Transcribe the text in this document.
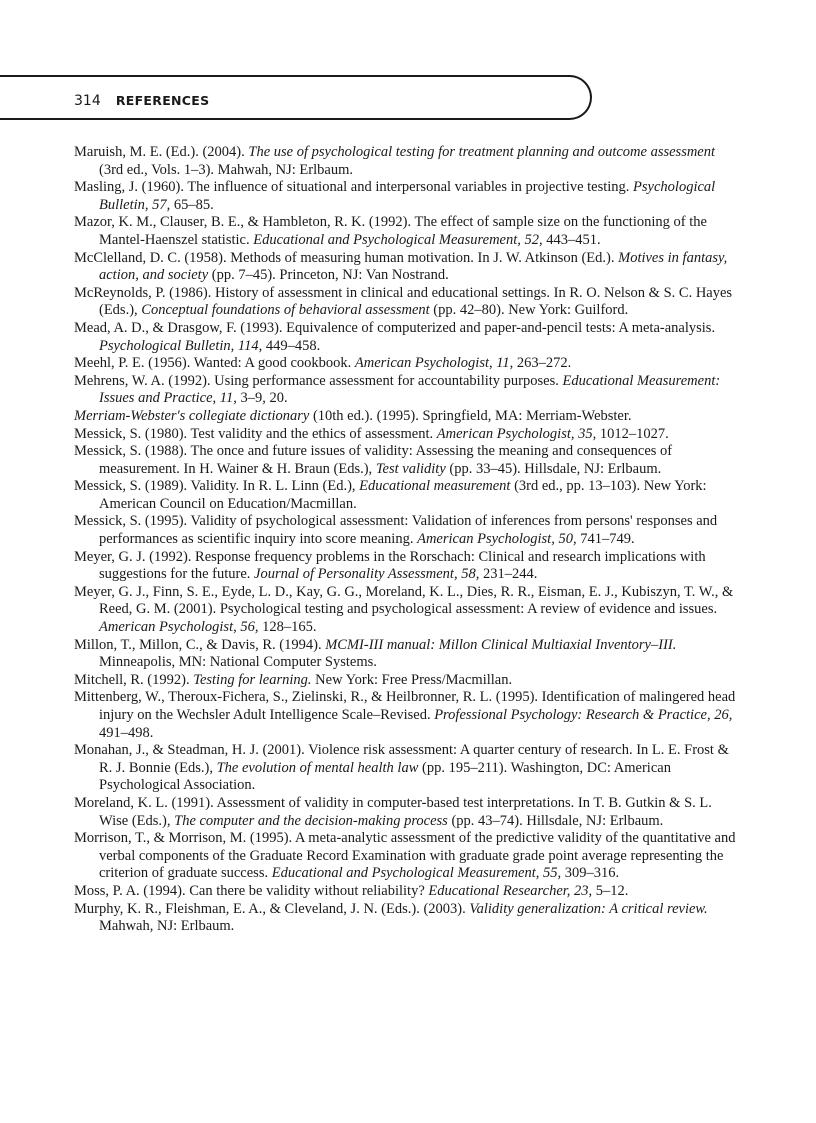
314 REFERENCES

Maruish, M. E. (Ed.). (2004). The use of psychological testing for treatment planning and outcome assessment (3rd ed., Vols. 1–3). Mahwah, NJ: Erlbaum.

Masling, J. (1960). The influence of situational and interpersonal variables in projective testing. Psychological Bulletin, 57, 65–85.

Mazor, K. M., Clauser, B. E., & Hambleton, R. K. (1992). The effect of sample size on the functioning of the Mantel-Haenszel statistic. Educational and Psychological Measurement, 52, 443–451.

McClelland, D. C. (1958). Methods of measuring human motivation. In J. W. Atkinson (Ed.). Motives in fantasy, action, and society (pp. 7–45). Princeton, NJ: Van Nostrand.

McReynolds, P. (1986). History of assessment in clinical and educational settings. In R. O. Nelson & S. C. Hayes (Eds.), Conceptual foundations of behavioral assessment (pp. 42–80). New York: Guilford.

Mead, A. D., & Drasgow, F. (1993). Equivalence of computerized and paper-and-pencil tests: A meta-analysis. Psychological Bulletin, 114, 449–458.

Meehl, P. E. (1956). Wanted: A good cookbook. American Psychologist, 11, 263–272.

Mehrens, W. A. (1992). Using performance assessment for accountability purposes. Educational Measurement: Issues and Practice, 11, 3–9, 20.

Merriam-Webster's collegiate dictionary (10th ed.). (1995). Springfield, MA: Merriam-Webster.

Messick, S. (1980). Test validity and the ethics of assessment. American Psychologist, 35, 1012–1027.

Messick, S. (1988). The once and future issues of validity: Assessing the meaning and consequences of measurement. In H. Wainer & H. Braun (Eds.), Test validity (pp. 33–45). Hillsdale, NJ: Erlbaum.

Messick, S. (1989). Validity. In R. L. Linn (Ed.), Educational measurement (3rd ed., pp. 13–103). New York: American Council on Education/Macmillan.

Messick, S. (1995). Validity of psychological assessment: Validation of inferences from persons' responses and performances as scientific inquiry into score meaning. American Psychologist, 50, 741–749.

Meyer, G. J. (1992). Response frequency problems in the Rorschach: Clinical and research implications with suggestions for the future. Journal of Personality Assessment, 58, 231–244.

Meyer, G. J., Finn, S. E., Eyde, L. D., Kay, G. G., Moreland, K. L., Dies, R. R., Eisman, E. J., Kubiszyn, T. W., & Reed, G. M. (2001). Psychological testing and psychological assessment: A review of evidence and issues. American Psychologist, 56, 128–165.

Millon, T., Millon, C., & Davis, R. (1994). MCMI-III manual: Millon Clinical Multiaxial Inventory–III. Minneapolis, MN: National Computer Systems.

Mitchell, R. (1992). Testing for learning. New York: Free Press/Macmillan.

Mittenberg, W., Theroux-Fichera, S., Zielinski, R., & Heilbronner, R. L. (1995). Identification of malingered head injury on the Wechsler Adult Intelligence Scale–Revised. Professional Psychology: Research & Practice, 26, 491–498.

Monahan, J., & Steadman, H. J. (2001). Violence risk assessment: A quarter century of research. In L. E. Frost & R. J. Bonnie (Eds.), The evolution of mental health law (pp. 195–211). Washington, DC: American Psychological Association.

Moreland, K. L. (1991). Assessment of validity in computer-based test interpretations. In T. B. Gutkin & S. L. Wise (Eds.), The computer and the decision-making process (pp. 43–74). Hillsdale, NJ: Erlbaum.

Morrison, T., & Morrison, M. (1995). A meta-analytic assessment of the predictive validity of the quantitative and verbal components of the Graduate Record Examination with graduate grade point average representing the criterion of graduate success. Educational and Psychological Measurement, 55, 309–316.

Moss, P. A. (1994). Can there be validity without reliability? Educational Researcher, 23, 5–12.

Murphy, K. R., Fleishman, E. A., & Cleveland, J. N. (Eds.). (2003). Validity generalization: A critical review. Mahwah, NJ: Erlbaum.
